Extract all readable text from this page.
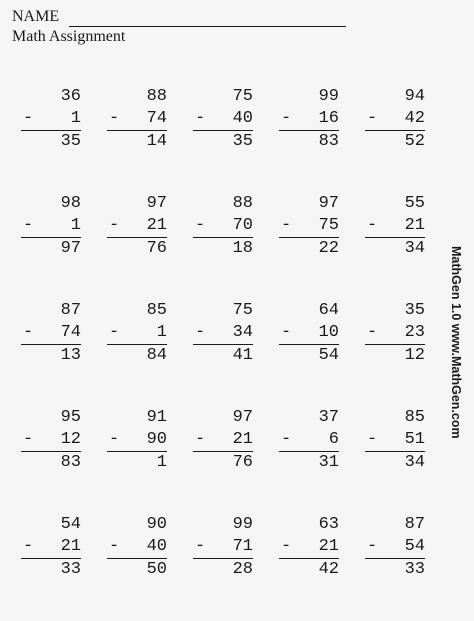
NAME
Math Assignment
36
- 1
35
88
- 74
14
75
- 40
35
99
- 16
83
94
- 42
52
98
- 1
97
97
- 21
76
88
- 70
18
97
- 75
22
55
- 21
34
87
- 74
13
85
- 1
84
75
- 34
41
64
- 10
54
35
- 23
12
95
- 12
83
91
- 90
1
97
- 21
76
37
- 6
31
85
- 51
34
54
- 21
33
90
- 40
50
99
- 71
28
63
- 21
42
87
- 54
33
MathGen 1.0 www.MathGen.com
